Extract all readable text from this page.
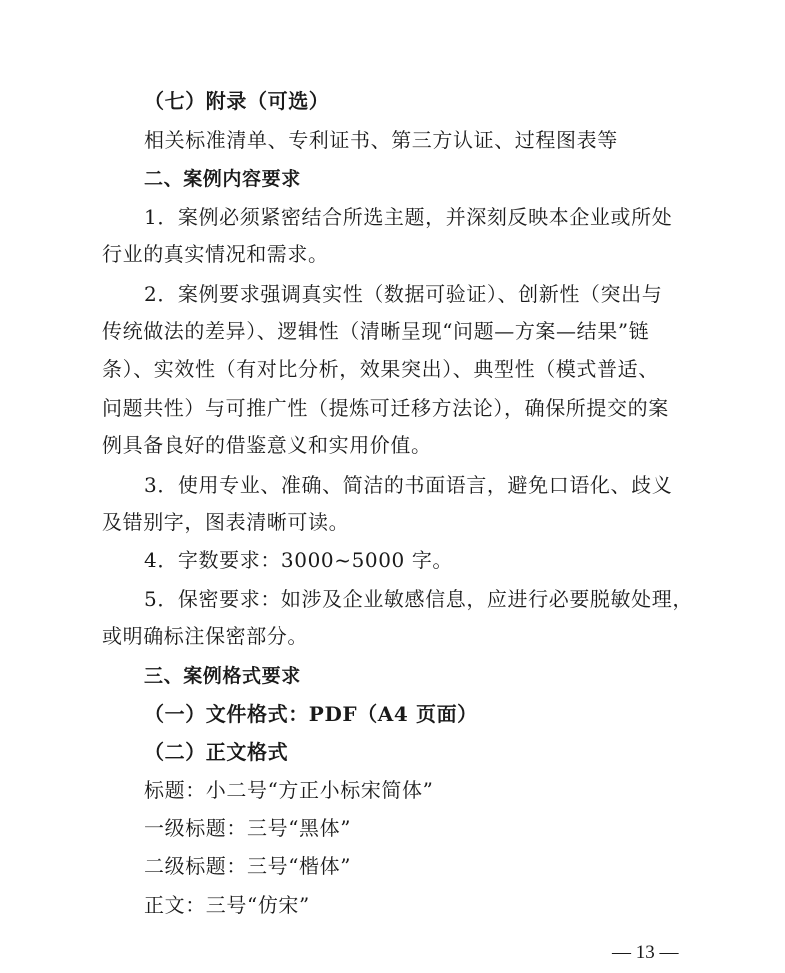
（七）附录（可选）
相关标准清单、专利证书、第三方认证、过程图表等
二、案例内容要求
1．案例必须紧密结合所选主题，并深刻反映本企业或所处
行业的真实情况和需求。
2．案例要求强调真实性（数据可验证）、创新性（突出与
传统做法的差异）、逻辑性（清晰呈现“问题—方案—结果”链
条）、实效性（有对比分析，效果突出）、典型性（模式普适、
问题共性）与可推广性（提炼可迁移方法论），确保所提交的案
例具备良好的借鉴意义和实用价值。
3．使用专业、准确、简洁的书面语言，避免口语化、歧义
及错别字，图表清晰可读。
4．字数要求：3000~5000 字。
5．保密要求：如涉及企业敏感信息，应进行必要脱敏处理，
或明确标注保密部分。
三、案例格式要求
（一）文件格式：PDF（A4 页面）
（二）正文格式
标题：小二号“方正小标宋简体”
一级标题：三号“黑体”
二级标题：三号“楷体”
正文：三号“仿宋”
— 13 —
